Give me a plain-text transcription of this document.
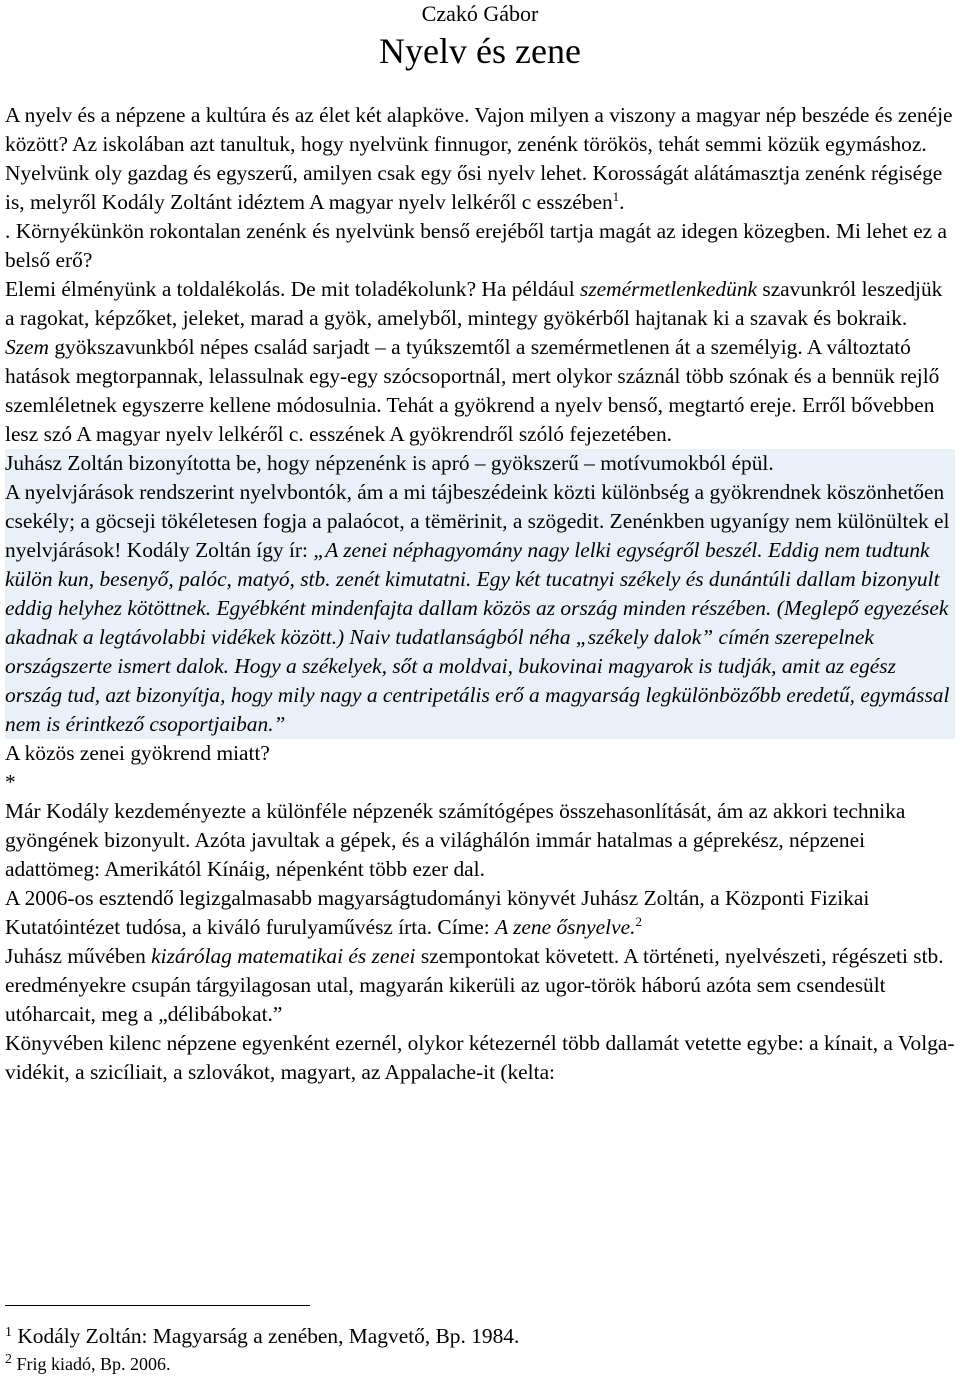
Czakó Gábor
Nyelv és zene

A nyelv és a népzene a kultúra és az élet két alapköve. Vajon milyen a viszony a magyar nép beszéde és zenéje között? Az iskolában azt tanultuk, hogy nyelvünk finnugor, zenénk törökös, tehát semmi közük egymáshoz.

Nyelvünk oly gazdag és egyszerű, amilyen csak egy ősi nyelv lehet. Korosságát alátámasztja zenénk régisége is, melyről Kodály Zoltánt idéztem A magyar nyelv lelkéről c esszében$^1$.

. Környékünkön rokontalan zenénk és nyelvünk benső erejéből tartja magát az idegen közegben. Mi lehet ez a belső erő?

Elemi élményünk a toldalékolás. De mit toladékolunk? Ha például szemérmetlenkedünk szavunkról leszedjük a ragokat, képzőket, jeleket, marad a gyök, amelyből, mintegy gyökérből hajtanak ki a szavak és bokraik. Szem gyökszavunkból népes család sarjadt – a tyúkszemtől a szemérmetlenen át a személyig. A változtató hatások megtorpannak, lelassulnak egy-egy szócsoportnál, mert olykor száznál több szónak és a bennük rejlő szemléletnek egyszerre kellene módosulnia. Tehát a gyökrend a nyelv benső, megtartó ereje. Erről bővebben lesz szó A magyar nyelv lelkéről c. esszének A gyökrendről szóló fejezetében.

Juhász Zoltán bizonyította be, hogy népzenénk is apró – gyökszerű – motívumokból épül.

A nyelvjárások rendszerint nyelvbontók, ám a mi tájbeszédeink közti különbség a gyökrendnek köszönhetően csekély; a göcseji tökéletesen fogja a palaócot, a tëmërinit, a szögedit. Zenénkben ugyanígy nem különültek el nyelvjárások! Kodály Zoltán így ír: „A zenei néphagyomány nagy lelki egységről beszél. Eddig nem tudtunk külön kun, besenyő, palóc, matyó, stb. zenét kimutatni. Egy két tucatnyi székely és dunántúli dallam bizonyult eddig helyhez kötöttnek. Egyébként mindenfajta dallam közös az ország minden részében. (Meglepő egyezések akadnak a legtávolabbi vidékek között.) Naiv tudatlanságból néha „székely dalok” címén szerepelnek országszerte ismert dalok. Hogy a székelyek, sőt a moldvai, bukovinai magyarok is tudják, amit az egész ország tud, azt bizonyítja, hogy mily nagy a centripetális erő a magyarság legkülönbözőbb eredetű, egymással nem is érintkező csoportjaiban.”

A közös zenei gyökrend miatt?

*

Már Kodály kezdeményezte a különféle népzenék számítógépes összehasonlítását, ám az akkori technika gyöngének bizonyult. Azóta javultak a gépek, és a világhálón immár hatalmas a géprekész, népzenei adattömeg: Amerikától Kínáig, népenként több ezer dal.

A 2006-os esztendő legizgalmasabb magyarságtudományi könyvét Juhász Zoltán, a Központi Fizikai Kutatóintézet tudósa, a kiváló furulyaművész írta. Címe: A zene ősnyelve.$^2$

Juhász művében kizárólag matematikai és zenei szempontokat követett. A történeti, nyelvészeti, régészeti stb. eredményekre csupán tárgyilagosan utal, magyarán kikerüli az ugor-török háború azóta sem csendesült utóharcait, meg a „délibábokat.”

Könyvében kilenc népzene egyenként ezernél, olykor kétezernél több dallamát vetette egybe: a kínait, a Volga-vidékit, a szicíliait, a szlovákot, magyart, az Appalache-it (kelta:

$^1$ Kodály Zoltán: Magyarság a zenében, Magvető, Bp. 1984.
$^2$ Frig kiadó, Bp. 2006.
